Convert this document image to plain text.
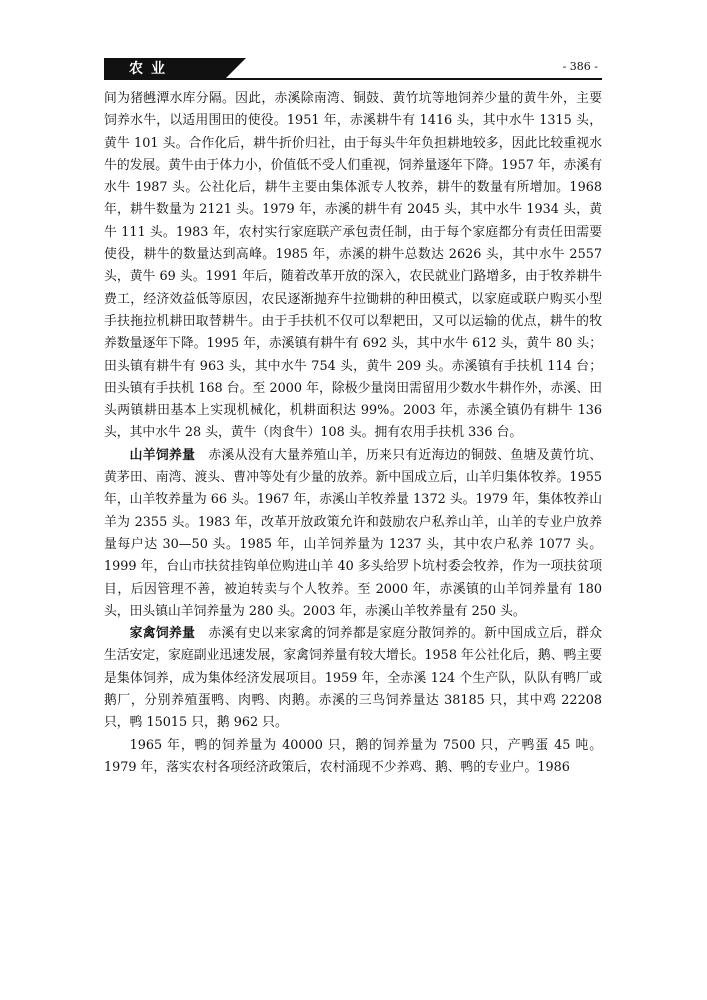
农业	- 386 -

间为猪乸潭水库分隔。因此，赤溪除南湾、铜鼓、黄竹坑等地饲养少量的黄牛外，主要饲养水牛，以适用围田的使役。1951 年，赤溪耕牛有 1416 头，其中水牛 1315 头，黄牛 101 头。合作化后，耕牛折价归社，由于每头牛年负担耕地较多，因此比较重视水牛的发展。黄牛由于体力小，价值低不受人们重视，饲养量逐年下降。1957 年，赤溪有水牛 1987 头。公社化后，耕牛主要由集体派专人牧养，耕牛的数量有所增加。1968 年，耕牛数量为 2121 头。1979 年，赤溪的耕牛有 2045 头，其中水牛 1934 头，黄牛 111 头。1983 年，农村实行家庭联产承包责任制，由于每个家庭都分有责任田需要使役，耕牛的数量达到高峰。1985 年，赤溪的耕牛总数达 2626 头，其中水牛 2557 头，黄牛 69 头。1991 年后，随着改革开放的深入，农民就业门路增多，由于牧养耕牛费工，经济效益低等原因，农民逐渐抛弃牛拉锄耕的种田模式，以家庭或联户购买小型手扶拖拉机耕田取替耕牛。由于手扶机不仅可以犁耙田，又可以运输的优点，耕牛的牧养数量逐年下降。1995 年，赤溪镇有耕牛有 692 头，其中水牛 612 头，黄牛 80 头；田头镇有耕牛有 963 头，其中水牛 754 头，黄牛 209 头。赤溪镇有手扶机 114 台；田头镇有手扶机 168 台。至 2000 年，除极少量岗田需留用少数水牛耕作外，赤溪、田头两镇耕田基本上实现机械化，机耕面积达 99%。2003 年，赤溪全镇仍有耕牛 136 头，其中水牛 28 头，黄牛（肉食牛）108 头。拥有农用手扶机 336 台。

山羊饲养量　赤溪从没有大量养殖山羊，历来只有近海边的铜鼓、鱼塘及黄竹坑、黄茅田、南湾、渡头、曹冲等处有少量的放养。新中国成立后，山羊归集体牧养。1955 年，山羊牧养量为 66 头。1967 年，赤溪山羊牧养量 1372 头。1979 年，集体牧养山羊为 2355 头。1983 年，改革开放政策允许和鼓励农户私养山羊，山羊的专业户放养量每户达 30—50 头。1985 年，山羊饲养量为 1237 头，其中农户私养 1077 头。1999 年，台山市扶贫挂钩单位购进山羊 40 多头给罗卜坑村委会牧养，作为一项扶贫项目，后因管理不善，被迫转卖与个人牧养。至 2000 年，赤溪镇的山羊饲养量有 180 头，田头镇山羊饲养量为 280 头。2003 年，赤溪山羊牧养量有 250 头。

家禽饲养量　赤溪有史以来家禽的饲养都是家庭分散饲养的。新中国成立后，群众生活安定，家庭副业迅速发展，家禽饲养量有较大增长。1958 年公社化后，鹅、鸭主要是集体饲养，成为集体经济发展项目。1959 年，全赤溪 124 个生产队，队队有鸭厂或鹅厂，分别养殖蛋鸭、肉鸭、肉鹅。赤溪的三鸟饲养量达 38185 只，其中鸡 22208 只，鸭 15015 只，鹅 962 只。

1965 年，鸭的饲养量为 40000 只，鹅的饲养量为 7500 只，产鸭蛋 45 吨。1979 年，落实农村各项经济政策后，农村涌现不少养鸡、鹅、鸭的专业户。1986
